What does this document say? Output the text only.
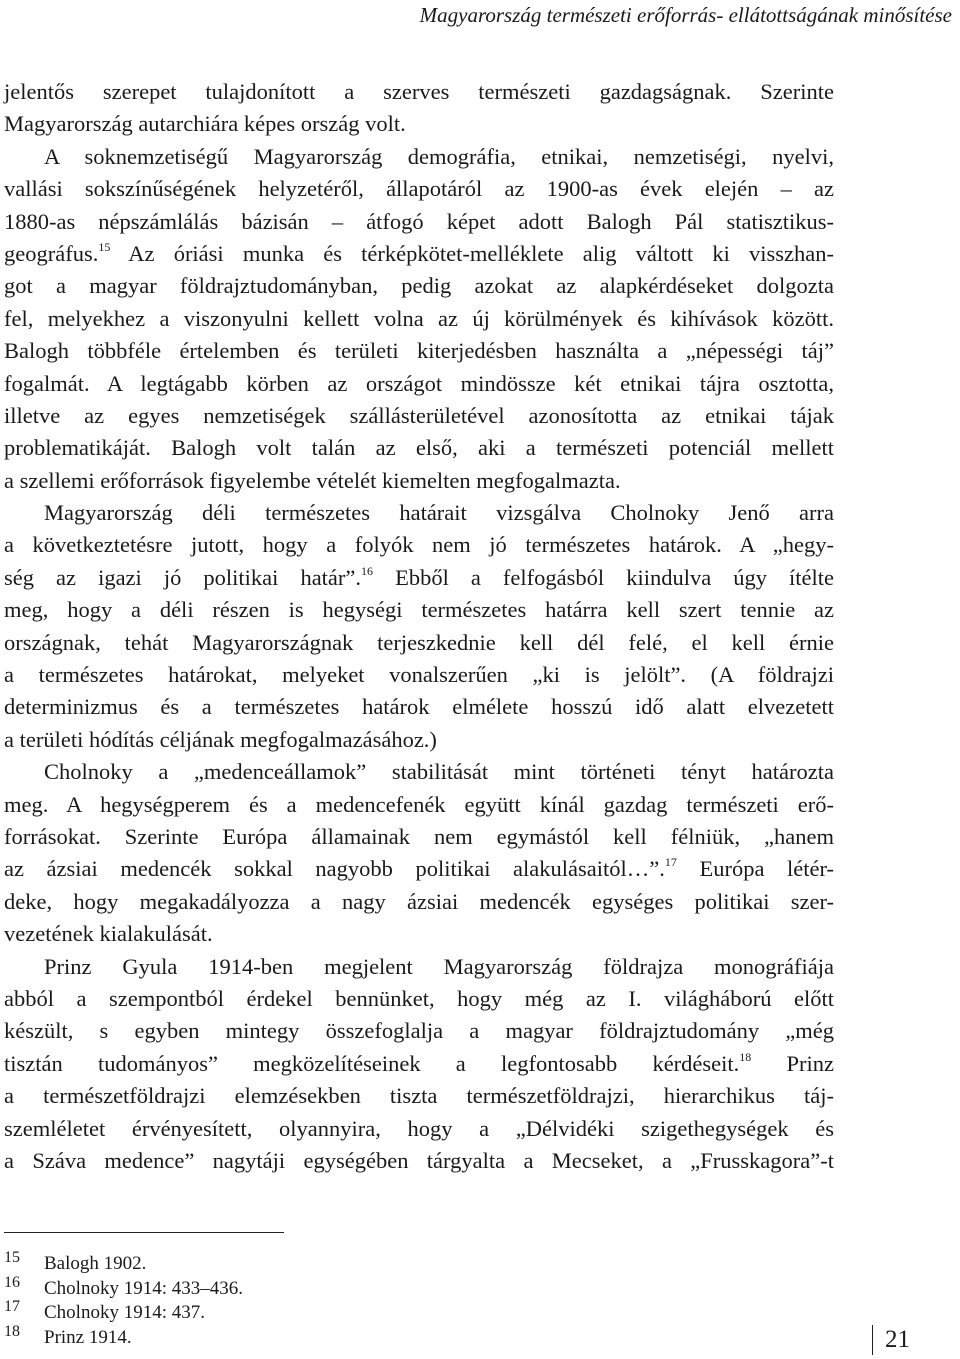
Magyarország természeti erőforrás- ellátottságának minősítése
jelentős szerepet tulajdonított a szerves természeti gazdagságnak. Szerinte
Magyarország autarchiára képes ország volt.
A soknemzetiségű Magyarország demográfia, etnikai, nemzetiségi, nyelvi,
vallási sokszínűségének helyzetéről, állapotáról az 1900-as évek elején – az
1880-as népszámlálás bázisán – átfogó képet adott Balogh Pál statisztikus-
geográfus.$^{15}$ Az óriási munka és térképkötet-melléklete alig váltott ki visszhan-
got a magyar földrajztudományban, pedig azokat az alapkérdéseket dolgozta
fel, melyekhez a viszonyulni kellett volna az új körülmények és kihívások között.
Balogh többféle értelemben és területi kiterjedésben használta a „népességi táj”
fogalmát. A legtágabb körben az országot mindössze két etnikai tájra osztotta,
illetve az egyes nemzetiségek szállásterületével azonosította az etnikai tájak
problematikáját. Balogh volt talán az első, aki a természeti potenciál mellett
a szellemi erőforrások figyelembe vételét kiemelten megfogalmazta.
Magyarország déli természetes határait vizsgálva Cholnoky Jenő arra
a következtetésre jutott, hogy a folyók nem jó természetes határok. A „hegy-
ség az igazi jó politikai határ”.$^{16}$ Ebből a felfogásból kiindulva úgy ítélte
meg, hogy a déli részen is hegységi természetes határra kell szert tennie az
országnak, tehát Magyarországnak terjeszkednie kell dél felé, el kell érnie
a természetes határokat, melyeket vonalszerűen „ki is jelölt”. (A földrajzi
determinizmus és a természetes határok elmélete hosszú idő alatt elvezetett
a területi hódítás céljának megfogalmazásához.)
Cholnoky a „medenceállamok” stabilitását mint történeti tényt határozta
meg. A hegységperem és a medencefenék együtt kínál gazdag természeti erő-
forrásokat. Szerinte Európa államainak nem egymástól kell félniük, „hanem
az ázsiai medencék sokkal nagyobb politikai alakulásaitól…”.$^{17}$ Európa létér-
deke, hogy megakadályozza a nagy ázsiai medencék egységes politikai szer-
vezetének kialakulását.
Prinz Gyula 1914-ben megjelent Magyarország földrajza monográfiája
abból a szempontból érdekel bennünket, hogy még az I. világháború előtt
készült, s egyben mintegy összefoglalja a magyar földrajztudomány „még
tisztán tudományos” megközelítéseinek a legfontosabb kérdéseit.$^{18}$ Prinz
a természetföldrajzi elemzésekben tiszta természetföldrajzi, hierarchikus táj-
szemléletet érvényesített, olyannyira, hogy a „Délvidéki szigethegységek és
a Száva medence” nagytáji egységében tárgyalta a Mecseket, a „Frusskagora”-t
15 Balogh 1902.
16 Cholnoky 1914: 433–436.
17 Cholnoky 1914: 437.
18 Prinz 1914.	21
